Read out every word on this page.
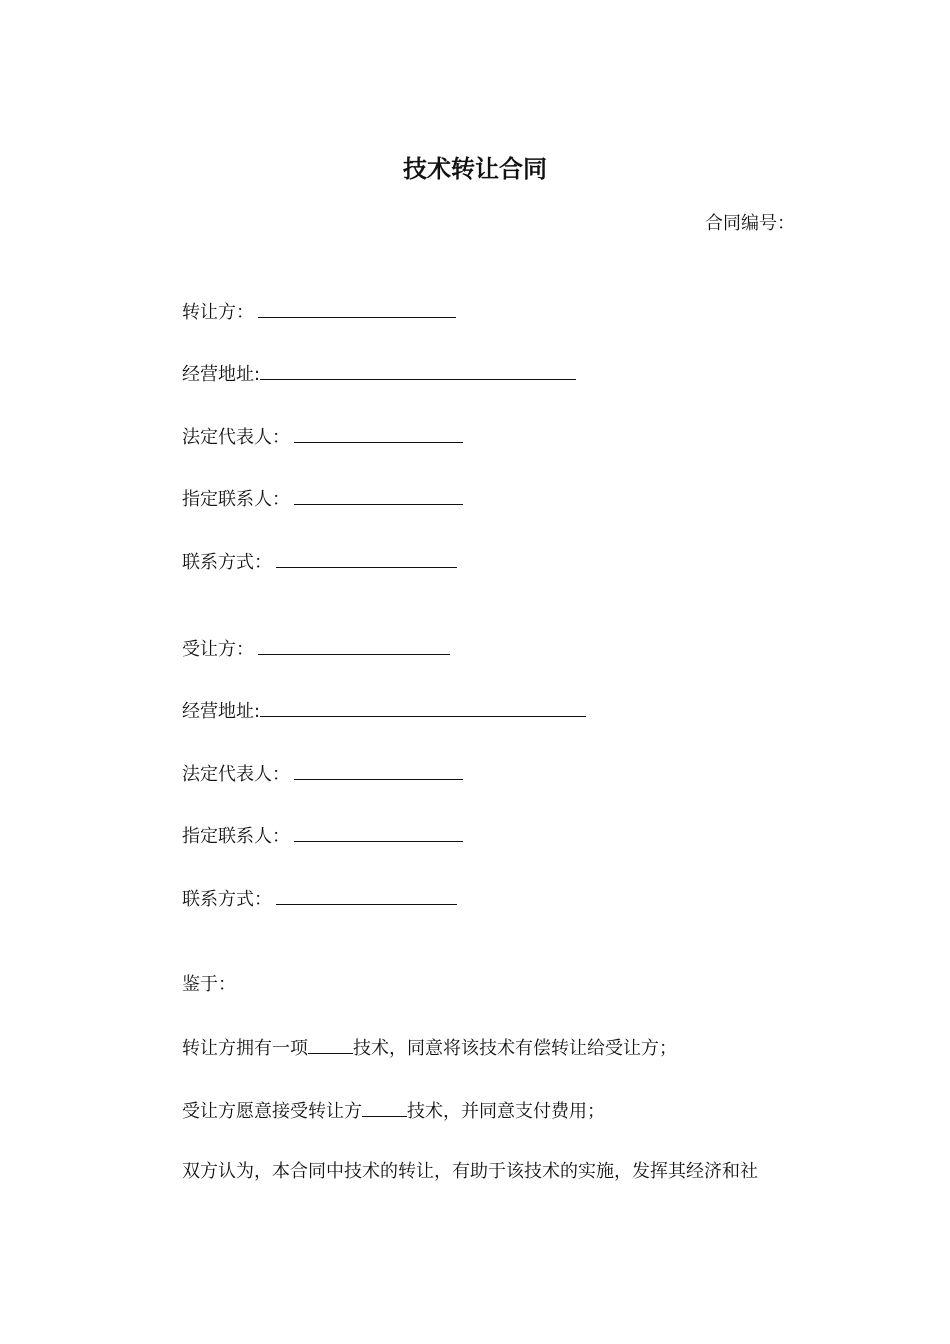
技术转让合同
合同编号：
转让方：
经营地址:
法定代表人：
指定联系人：
联系方式：
受让方：
经营地址:
法定代表人：
指定联系人：
联系方式：
鉴于：
转让方拥有一项	技术，同意将该技术有偿转让给受让方；
受让方愿意接受转让方	技术，并同意支付费用；
双方认为，本合同中技术的转让，有助于该技术的实施，发挥其经济和社
